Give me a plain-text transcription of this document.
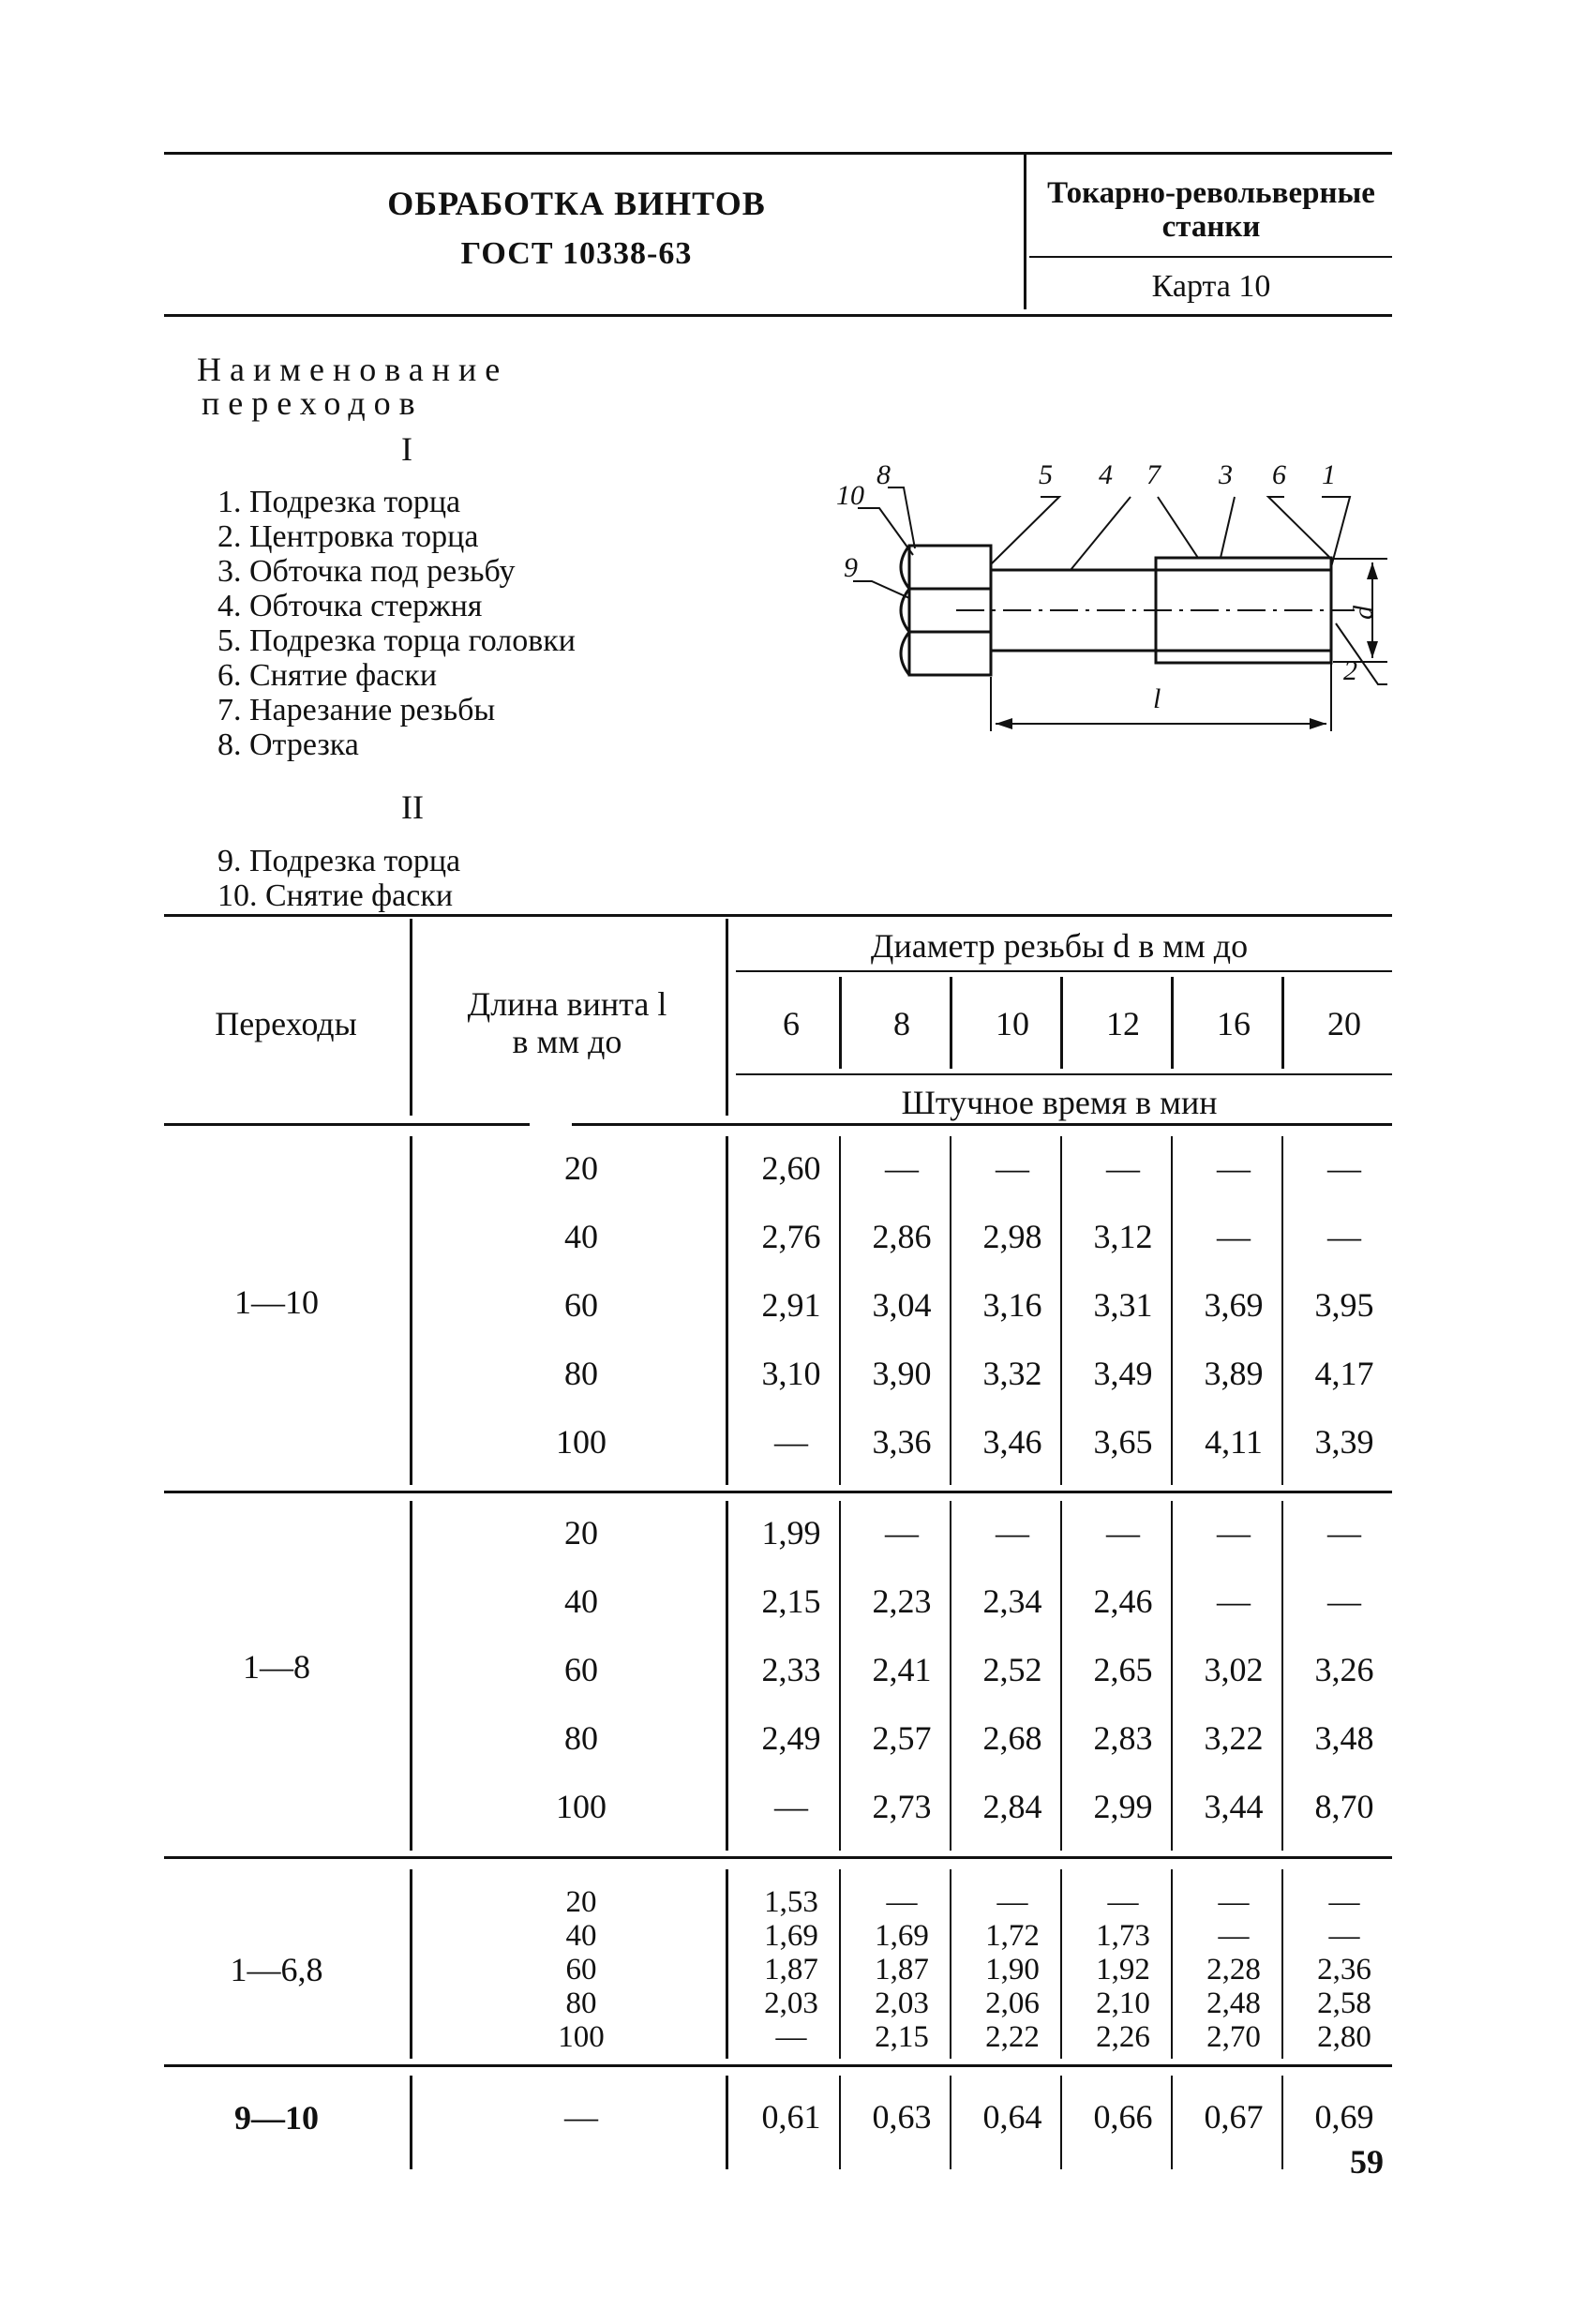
ОБРАБОТКА ВИНТОВ
ГОСТ 10338-63
Токарно-револьверные
станки
Карта 10
Наименование
переходов
I
1. Подрезка торца
2. Центровка торца
3. Обточка под резьбу
4. Обточка стержня
5. Подрезка торца головки
6. Снятие фаски
7. Нарезание резьбы
8. Отрезка
II
9. Подрезка торца
10. Снятие фаски
10
8
9
5 4 7 3 6 1
2
l
d
Переходы
Длина винта l
в мм до
Диаметр резьбы d в мм до
6	8	10	12	16	20
Штучное время в мин
1—10
20	2,60	—	—	—	—	—
40	2,76	2,86	2,98	3,12	—	—
60	2,91	3,04	3,16	3,31	3,69	3,95
80	3,10	3,90	3,32	3,49	3,89	4,17
100	—	3,36	3,46	3,65	4,11	3,39
1—8
20	1,99	—	—	—	—	—
40	2,15	2,23	2,34	2,46	—	—
60	2,33	2,41	2,52	2,65	3,02	3,26
80	2,49	2,57	2,68	2,83	3,22	3,48
100	—	2,73	2,84	2,99	3,44	8,70
1—6,8
20	1,53	—	—	—	—	—
40	1,69	1,69	1,72	1,73	—	—
60	1,87	1,87	1,90	1,92	2,28	2,36
80	2,03	2,03	2,06	2,10	2,48	2,58
100	—	2,15	2,22	2,26	2,70	2,80
9—10	—	0,61	0,63	0,64	0,66	0,67	0,69
59
